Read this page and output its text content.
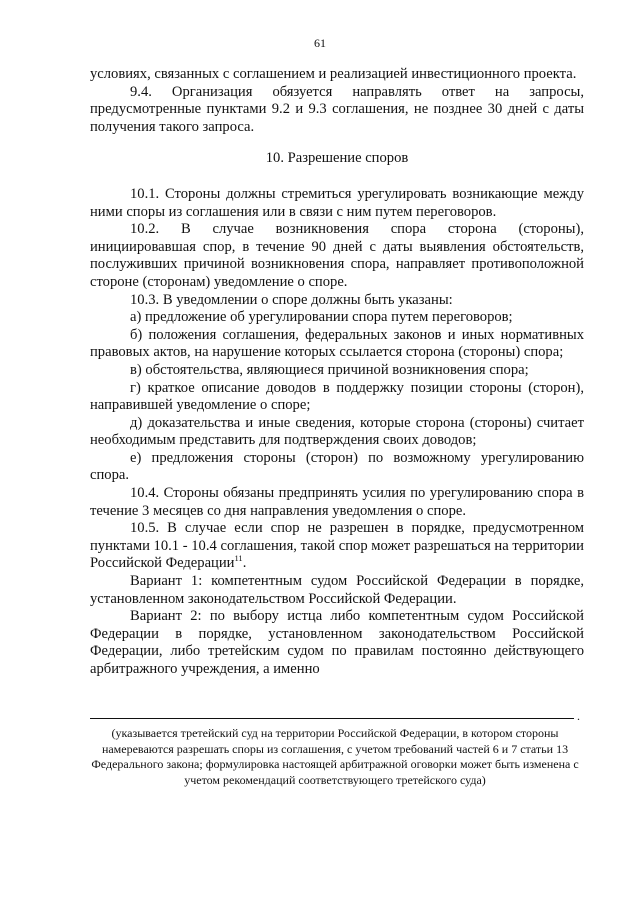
61

условиях, связанных с соглашением и реализацией инвестиционного проекта.

9.4. Организация обязуется направлять ответ на запросы, предусмотренные пунктами 9.2 и 9.3 соглашения, не позднее 30 дней с даты получения такого запроса.

10. Разрешение споров

10.1. Стороны должны стремиться урегулировать возникающие между ними споры из соглашения или в связи с ним путем переговоров.

10.2. В случае возникновения спора сторона (стороны), инициировавшая спор, в течение 90 дней с даты выявления обстоятельств, послуживших причиной возникновения спора, направляет противоположной стороне (сторонам) уведомление о споре.

10.3. В уведомлении о споре должны быть указаны:

а) предложение об урегулировании спора путем переговоров;

б) положения соглашения, федеральных законов и иных нормативных правовых актов, на нарушение которых ссылается сторона (стороны) спора;

в) обстоятельства, являющиеся причиной возникновения спора;

г) краткое описание доводов в поддержку позиции стороны (сторон), направившей уведомление о споре;

д) доказательства и иные сведения, которые сторона (стороны) считает необходимым представить для подтверждения своих доводов;

е) предложения стороны (сторон) по возможному урегулированию спора.

10.4. Стороны обязаны предпринять усилия по урегулированию спора в течение 3 месяцев со дня направления уведомления о споре.

10.5. В случае если спор не разрешен в порядке, предусмотренном пунктами 10.1 - 10.4 соглашения, такой спор может разрешаться на территории Российской Федерации$^{11}$.

Вариант 1: компетентным судом Российской Федерации в порядке, установленном законодательством Российской Федерации.

Вариант 2: по выбору истца либо компетентным судом Российской Федерации в порядке, установленном законодательством Российской Федерации, либо третейским судом по правилам постоянно действующего арбитражного учреждения, а именно

.
(указывается третейский суд на территории Российской Федерации, в котором стороны намереваются разрешать споры из соглашения, с учетом требований частей 6 и 7 статьи 13 Федерального закона; формулировка настоящей арбитражной оговорки может быть изменена с учетом рекомендаций соответствующего третейского суда)
